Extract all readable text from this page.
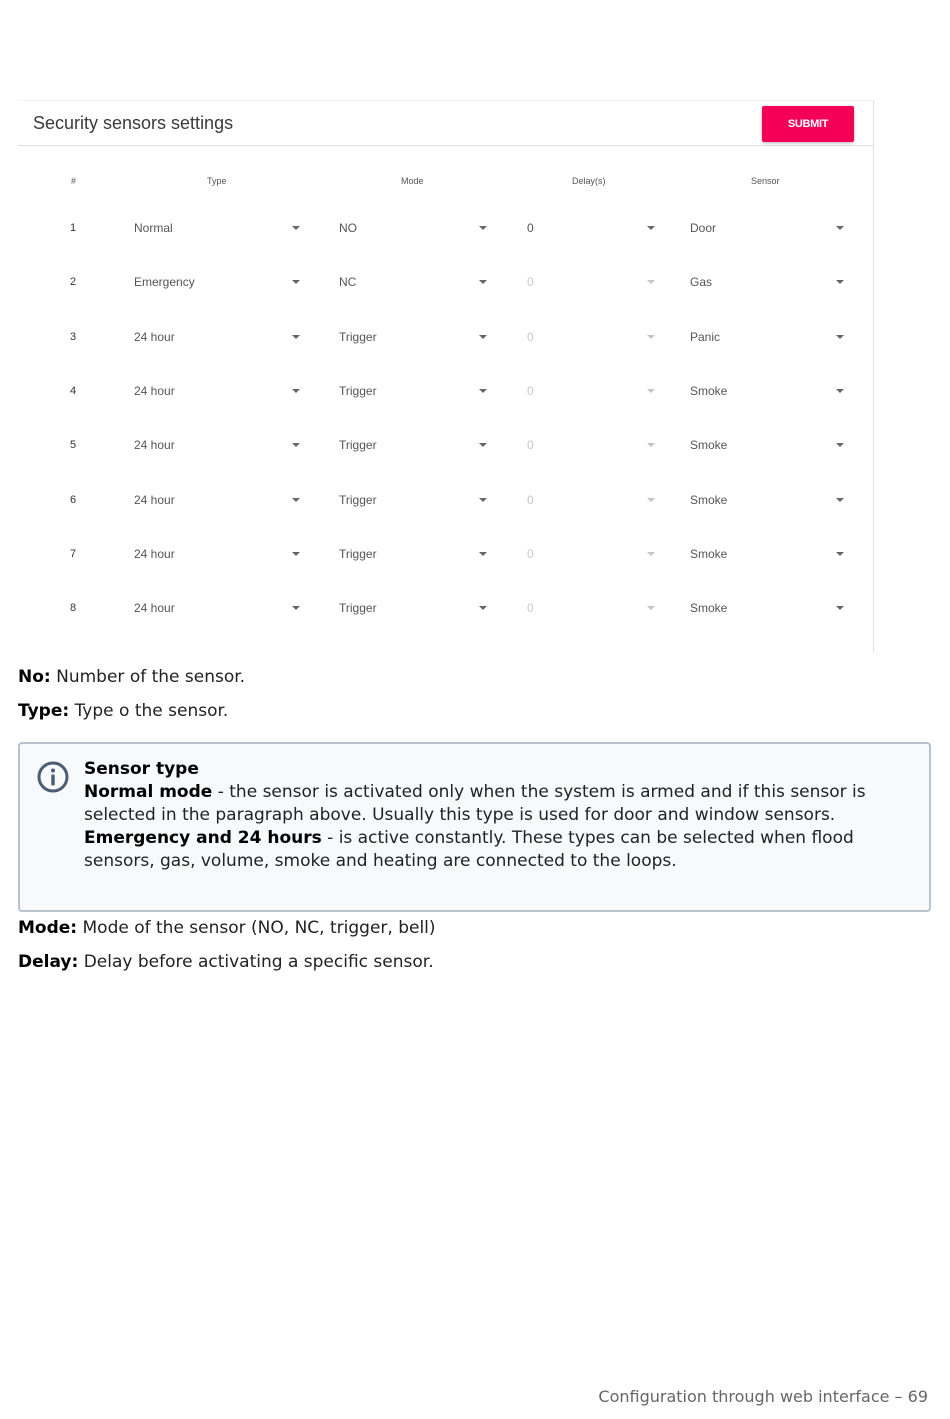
Security sensors settings	SUBMIT
#	Type	Mode	Delay(s)	Sensor
1	Normal	NO	0	Door
2	Emergency	NC	0	Gas
3	24 hour	Trigger	0	Panic
4	24 hour	Trigger	0	Smoke
5	24 hour	Trigger	0	Smoke
6	24 hour	Trigger	0	Smoke
7	24 hour	Trigger	0	Smoke
8	24 hour	Trigger	0	Smoke
No: Number of the sensor.
Type: Type o the sensor.
Sensor type
Normal mode - the sensor is activated only when the system is armed and if this sensor is selected in the paragraph above. Usually this type is used for door and window sensors.
Emergency and 24 hours - is active constantly. These types can be selected when flood sensors, gas, volume, smoke and heating are connected to the loops.
Mode: Mode of the sensor (NO, NC, trigger, bell)
Delay: Delay before activating a specific sensor.
Configuration through web interface – 69
